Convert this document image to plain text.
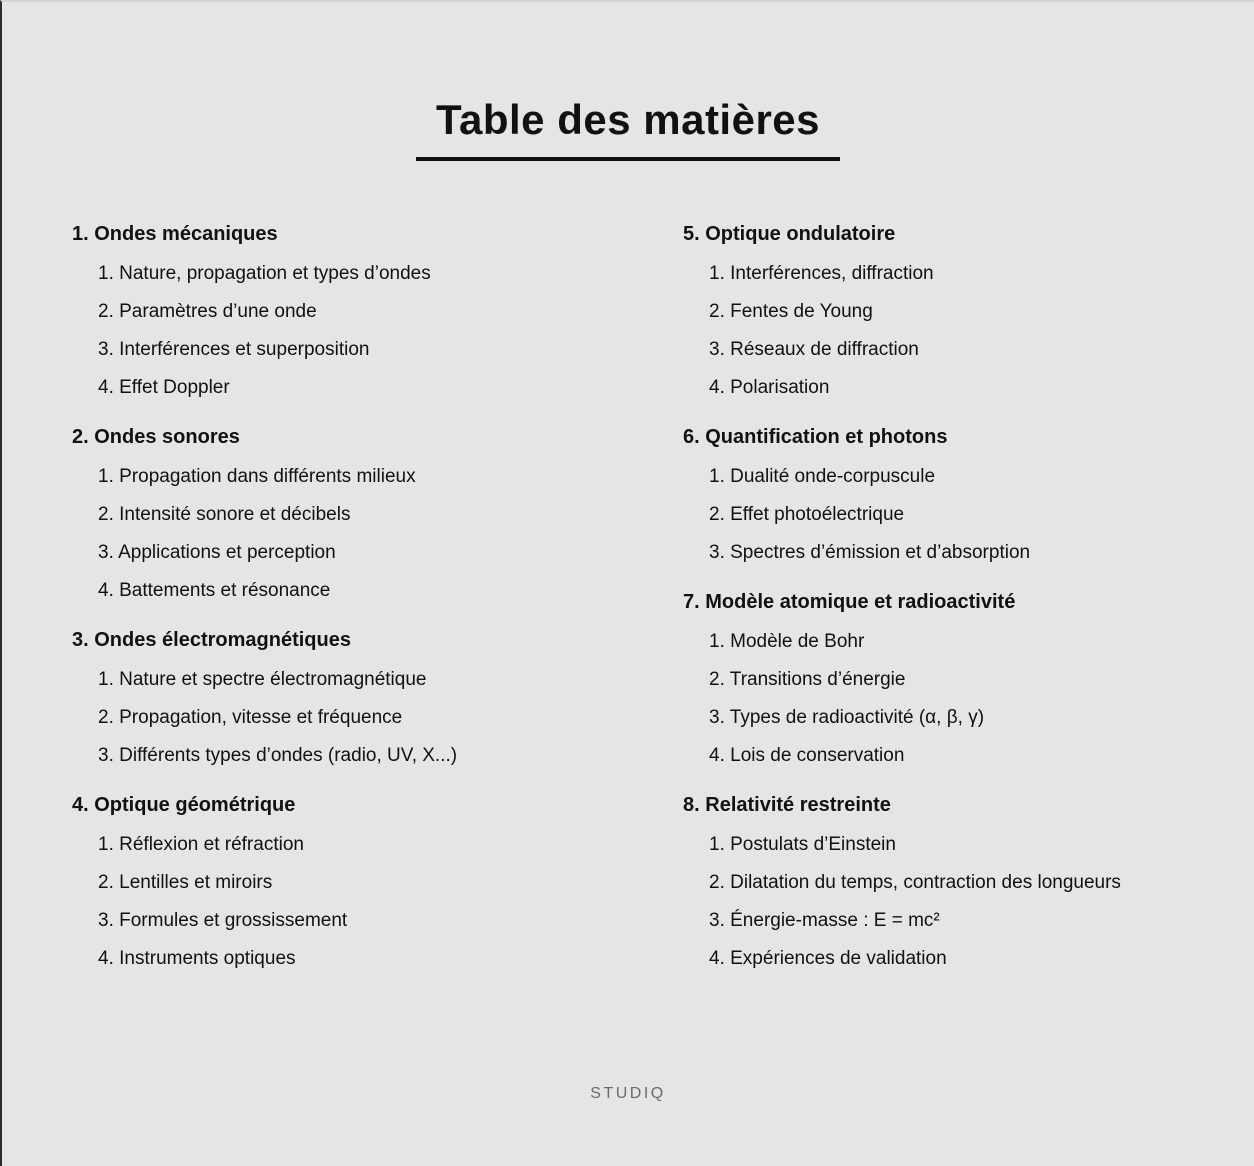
Table des matières
1. Ondes mécaniques
1. Nature, propagation et types d’ondes
2. Paramètres d’une onde
3. Interférences et superposition
4. Effet Doppler
2. Ondes sonores
1. Propagation dans différents milieux
2. Intensité sonore et décibels
3. Applications et perception
4. Battements et résonance
3. Ondes électromagnétiques
1. Nature et spectre électromagnétique
2. Propagation, vitesse et fréquence
3. Différents types d’ondes (radio, UV, X...)
4. Optique géométrique
1. Réflexion et réfraction
2. Lentilles et miroirs
3. Formules et grossissement
4. Instruments optiques
5. Optique ondulatoire
1. Interférences, diffraction
2. Fentes de Young
3. Réseaux de diffraction
4. Polarisation
6. Quantification et photons
1. Dualité onde-corpuscule
2. Effet photoélectrique
3. Spectres d’émission et d’absorption
7. Modèle atomique et radioactivité
1. Modèle de Bohr
2. Transitions d’énergie
3. Types de radioactivité (α, β, γ)
4. Lois de conservation
8. Relativité restreinte
1. Postulats d’Einstein
2. Dilatation du temps, contraction des longueurs
3. Énergie-masse : E = mc²
4. Expériences de validation
STUDIQ
